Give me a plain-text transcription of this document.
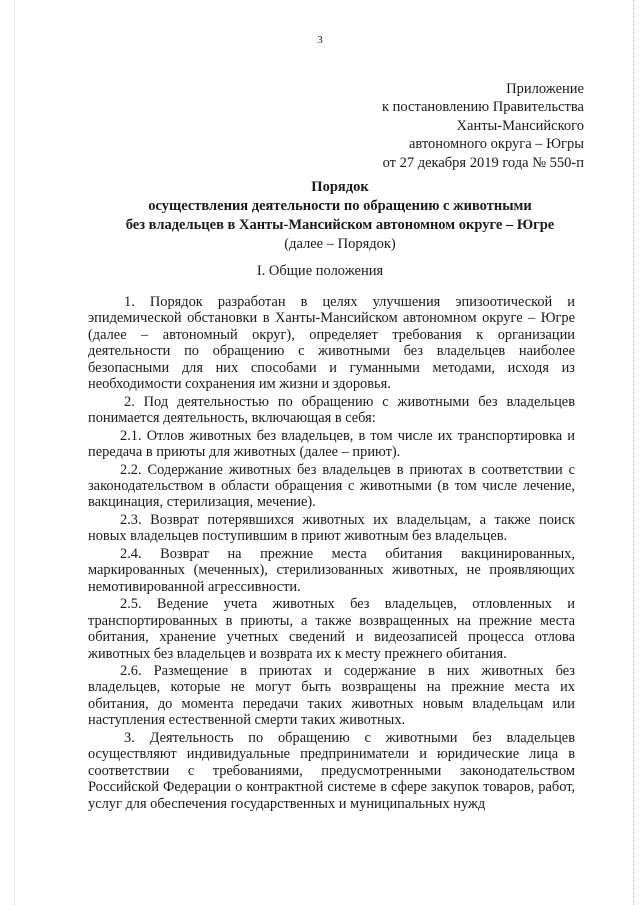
3
Приложение
к постановлению Правительства
Ханты-Мансийского
автономного округа – Югры
от 27 декабря 2019 года № 550-п
Порядок
осуществления деятельности по обращению с животными
без владельцев в Ханты-Мансийском автономном округе – Югре
(далее – Порядок)
I. Общие положения

1. Порядок разработан в целях улучшения эпизоотической и эпидемической обстановки в Ханты-Мансийском автономном округе – Югре (далее – автономный округ), определяет требования к организации деятельности по обращению с животными без владельцев наиболее безопасными для них способами и гуманными методами, исходя из необходимости сохранения им жизни и здоровья.

2. Под деятельностью по обращению с животными без владельцев понимается деятельность, включающая в себя:

2.1. Отлов животных без владельцев, в том числе их транспортировка и передача в приюты для животных (далее – приют).

2.2. Содержание животных без владельцев в приютах в соответствии с законодательством в области обращения с животными (в том числе лечение, вакцинация, стерилизация, мечение).

2.3. Возврат потерявшихся животных их владельцам, а также поиск новых владельцев поступившим в приют животным без владельцев.

2.4. Возврат на прежние места обитания вакцинированных, маркированных (меченных), стерилизованных животных, не проявляющих немотивированной агрессивности.

2.5. Ведение учета животных без владельцев, отловленных и транспортированных в приюты, а также возвращенных на прежние места обитания, хранение учетных сведений и видеозаписей процесса отлова животных без владельцев и возврата их к месту прежнего обитания.

2.6. Размещение в приютах и содержание в них животных без владельцев, которые не могут быть возвращены на прежние места их обитания, до момента передачи таких животных новым владельцам или наступления естественной смерти таких животных.

3. Деятельность по обращению с животными без владельцев осуществляют индивидуальные предприниматели и юридические лица в соответствии с требованиями, предусмотренными законодательством Российской Федерации о контрактной системе в сфере закупок товаров, работ, услуг для обеспечения государственных и муниципальных нужд
